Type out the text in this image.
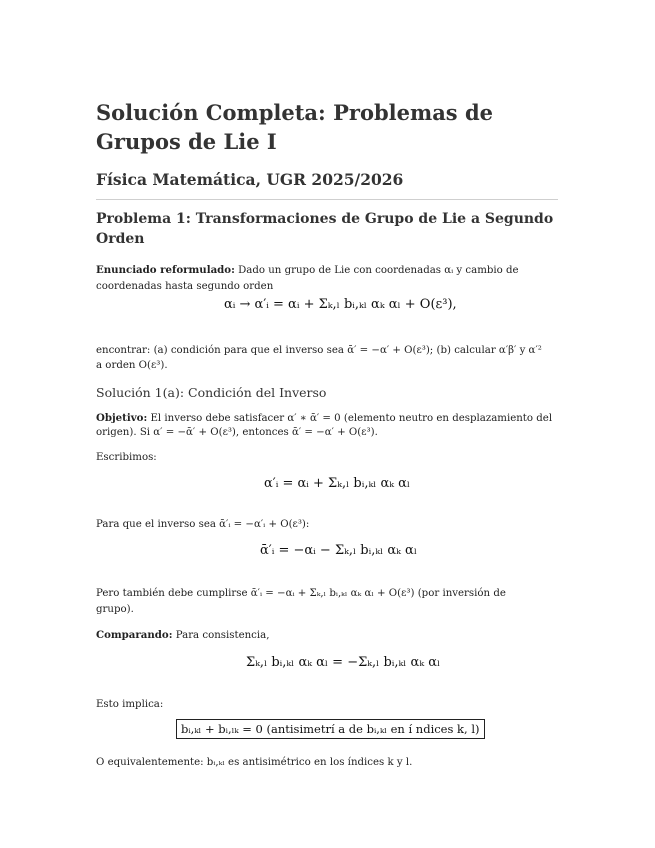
Solución Completa: Problemas de Grupos de Lie I
Física Matemática, UGR 2025/2026
Problema 1: Transformaciones de Grupo de Lie a Segundo Orden
Enunciado reformulado: Dado un grupo de Lie con coordenadas αᵢ y cambio de coordenadas hasta segundo orden
αᵢ → α′ᵢ = αᵢ + Σₖ,ₗ bᵢ,ₖₗ αₖ αₗ + O(ε³),
encontrar: (a) condición para que el inverso sea ᾱ′ = −α′ + O(ε³); (b) calcular α′β′ y α′²
a orden O(ε³).
Solución 1(a): Condición del Inverso
Objetivo: El inverso debe satisfacer α′ ∗ ᾱ′ = 0 (elemento neutro en desplazamiento del
origen). Si α′ = −ᾱ′ + O(ε³), entonces ᾱ′ = −α′ + O(ε³).
Escribimos:
α′ᵢ = αᵢ + Σₖ,ₗ bᵢ,ₖₗ αₖ αₗ
Para que el inverso sea ᾱ′ᵢ = −α′ᵢ + O(ε³):
ᾱ′ᵢ = −αᵢ − Σₖ,ₗ bᵢ,ₖₗ αₖ αₗ
Pero también debe cumplirse ᾱ′ᵢ = −αᵢ + Σₖ,ₗ bᵢ,ₖₗ αₖ αₗ + O(ε³) (por inversión de
grupo).
Comparando: Para consistencia,
Σₖ,ₗ bᵢ,ₖₗ αₖ αₗ = −Σₖ,ₗ bᵢ,ₖₗ αₖ αₗ
Esto implica:
bᵢ,ₖₗ + bᵢ,ₗₖ = 0 (antisimetrí a de bᵢ,ₖₗ en í ndices k, l)
O equivalentemente: bᵢ,ₖₗ es antisimétrico en los índices k y l.
